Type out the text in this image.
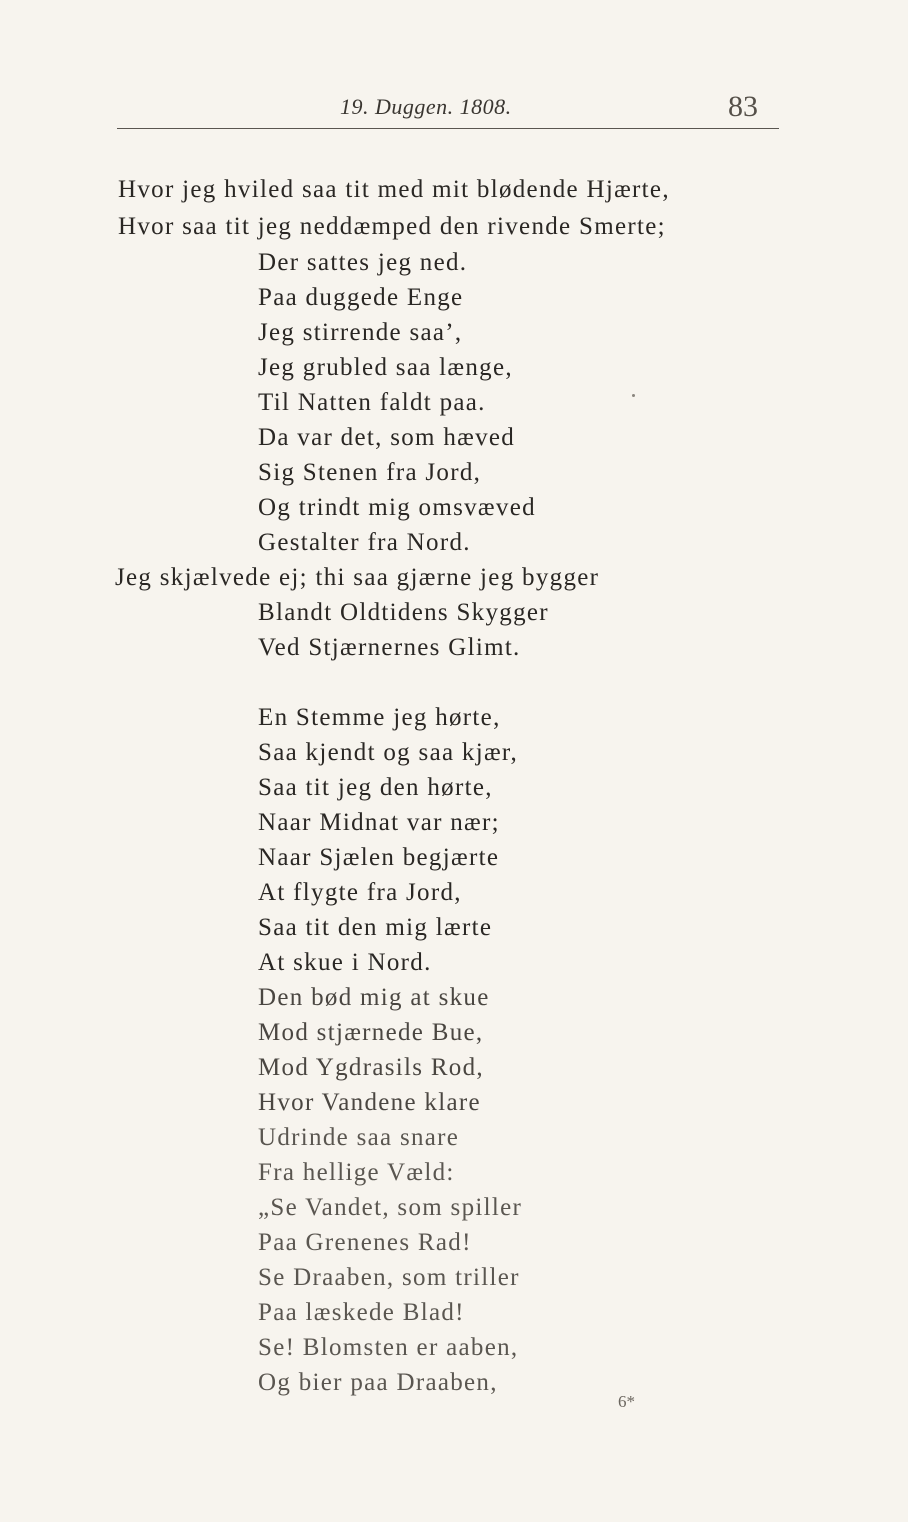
19. Duggen. 1808.	83
Hvor jeg hviled saa tit med mit blødende Hjærte,
Hvor saa tit jeg neddæmped den rivende Smerte;
Der sattes jeg ned.
Paa duggede Enge
Jeg stirrende saa’,
Jeg grubled saa længe,
Til Natten faldt paa.
Da var det, som hæved
Sig Stenen fra Jord,
Og trindt mig omsvæved
Gestalter fra Nord.
Jeg skjælvede ej; thi saa gjærne jeg bygger
Blandt Oldtidens Skygger
Ved Stjærnernes Glimt.
En Stemme jeg hørte,
Saa kjendt og saa kjær,
Saa tit jeg den hørte,
Naar Midnat var nær;
Naar Sjælen begjærte
At flygte fra Jord,
Saa tit den mig lærte
At skue i Nord.
Den bød mig at skue
Mod stjærnede Bue,
Mod Ygdrasils Rod,
Hvor Vandene klare
Udrinde saa snare
Fra hellige Væld:
„Se Vandet, som spiller
Paa Grenenes Rad!
Se Draaben, som triller
Paa læskede Blad!
Se! Blomsten er aaben,
Og bier paa Draaben,
6*
